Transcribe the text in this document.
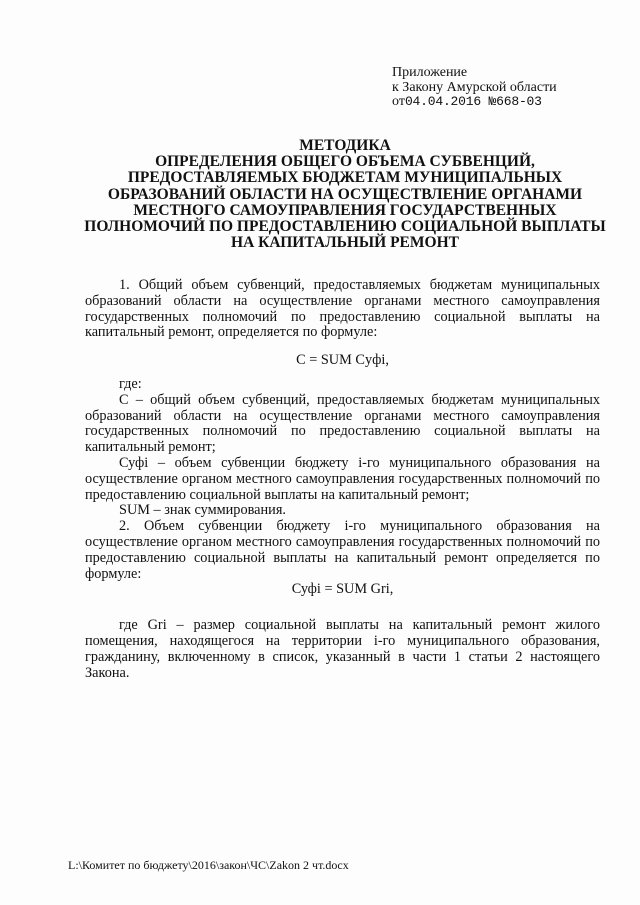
Приложение
к Закону Амурской области
от04.04.2016 №668-03
МЕТОДИКА
ОПРЕДЕЛЕНИЯ ОБЩЕГО ОБЪЕМА СУБВЕНЦИЙ,
ПРЕДОСТАВЛЯЕМЫХ БЮДЖЕТАМ МУНИЦИПАЛЬНЫХ
ОБРАЗОВАНИЙ ОБЛАСТИ НА ОСУЩЕСТВЛЕНИЕ ОРГАНАМИ
МЕСТНОГО САМОУПРАВЛЕНИЯ ГОСУДАРСТВЕННЫХ
ПОЛНОМОЧИЙ ПО ПРЕДОСТАВЛЕНИЮ СОЦИАЛЬНОЙ ВЫПЛАТЫ
НА КАПИТАЛЬНЫЙ РЕМОНТ

1. Общий объем субвенций, предоставляемых бюджетам муниципальных образований области на осуществление органами местного самоуправления государственных полномочий по предоставлению социальной выплаты на капитальный ремонт, определяется по формуле:

C = SUM Cyфi,

где:

С – общий объем субвенций, предоставляемых бюджетам муниципальных образований области на осуществление органами местного самоуправления государственных полномочий по предоставлению социальной выплаты на капитальный ремонт;

Суфi – объем субвенции бюджету i-го муниципального образования на осуществление органом местного самоуправления государственных полномочий по предоставлению социальной выплаты на капитальный ремонт;

SUM – знак суммирования.

2. Объем субвенции бюджету i-го муниципального образования на осуществление органом местного самоуправления государственных полномочий по предоставлению социальной выплаты на капитальный ремонт определяется по формуле:

Суфi = SUM Gri,

где Gri – размер социальной выплаты на капитальный ремонт жилого помещения, находящегося на территории i-го муниципального образования, гражданину, включенному в список, указанный в части 1 статьи 2 настоящего Закона.

L:\Комитет по бюджету\2016\закон\ЧС\Zakon 2 чт.docx
